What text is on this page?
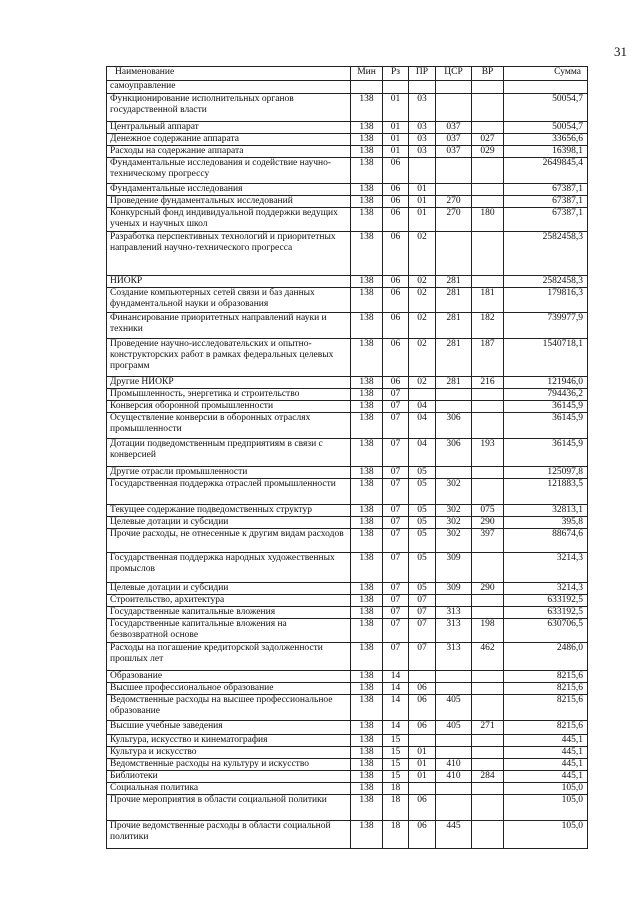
31
Наименование	Мин	Рз	ПР	ЦСР	ВР	Сумма
самоуправление						
Функционирование исполнительных органов государственной власти	138	01	03			50054,7
Центральный аппарат	138	01	03	037		50054,7
Денежное содержание аппарата	138	01	03	037	027	33656,6
Расходы на содержание аппарата	138	01	03	037	029	16398,1
Фундаментальные исследования и содействие научно-техническому прогрессу	138	06				2649845,4
Фундаментальные исследования	138	06	01			67387,1
Проведение фундаментальных исследований	138	06	01	270		67387,1
Конкурсный фонд индивидуальной поддержки ведущих ученых и научных школ	138	06	01	270	180	67387,1
Разработка перспективных технологий и приоритетных направлений научно-технического прогресса	138	06	02			2582458,3
НИОКР	138	06	02	281		2582458,3
Создание компьютерных сетей связи и баз данных фундаментальной науки и образования	138	06	02	281	181	179816,3
Финансирование приоритетных направлений науки и техники	138	06	02	281	182	739977,9
Проведение научно-исследовательских и опытно-конструкторских работ в рамках федеральных целевых программ	138	06	02	281	187	1540718,1
Другие НИОКР	138	06	02	281	216	121946,0
Промышленность, энергетика и строительство	138	07				794436,2
Конверсия оборонной промышленности	138	07	04			36145,9
Осуществление конверсии в оборонных отраслях промышленности	138	07	04	306		36145,9
Дотации подведомственным предприятиям в связи с конверсией	138	07	04	306	193	36145,9
Другие отрасли промышленности	138	07	05			125097,8
Государственная поддержка отраслей промышленности	138	07	05	302		121883,5
Текущее содержание подведомственных структур	138	07	05	302	075	32813,1
Целевые дотации и субсидии	138	07	05	302	290	395,8
Прочие расходы, не отнесенные к другим видам расходов	138	07	05	302	397	88674,6
Государственная поддержка народных художественных промыслов	138	07	05	309		3214,3
Целевые дотации и субсидии	138	07	05	309	290	3214,3
Строительство, архитектура	138	07	07			633192,5
Государственные капитальные вложения	138	07	07	313		633192,5
Государственные капитальные вложения на безвозвратной основе	138	07	07	313	198	630706,5
Расходы на погашение кредиторской задолженности прошлых лет	138	07	07	313	462	2486,0
Образование	138	14				8215,6
Высшее профессиональное образование	138	14	06			8215,6
Ведомственные расходы на высшее профессиональное образование	138	14	06	405		8215,6
Высшие учебные заведения	138	14	06	405	271	8215,6
Культура, искусство и кинематография	138	15				445,1
Культура и искусство	138	15	01			445,1
Ведомственные расходы на культуру и искусство	138	15	01	410		445,1
Библиотеки	138	15	01	410	284	445,1
Социальная политика	138	18				105,0
Прочие мероприятия в области социальной политики	138	18	06			105,0
Прочие ведомственные расходы в области социальной политики	138	18	06	445		105,0
